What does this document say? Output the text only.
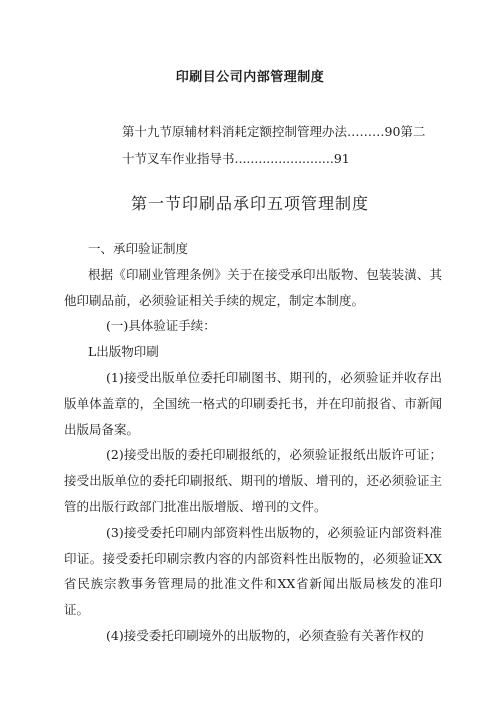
印刷目公司内部管理制度
第十九节原辅材料消耗定额控制管理办法………90第二
十节叉车作业指导书.........................91
第一节印刷品承印五项管理制度

一、承印验证制度

根据《印刷业管理条例》关于在接受承印出版物、包装装潢、其他印刷品前，必须验证相关手续的规定，制定本制度。

(一)具体验证手续：

L出版物印刷

(1)接受出版单位委托印刷图书、期刊的，必须验证并收存出版单体盖章的，全国统一格式的印刷委托书，并在印前报省、市新闻出版局备案。

(2)接受出版的委托印刷报纸的，必须验证报纸出版许可证；接受出版单位的委托印刷报纸、期刊的增版、增刊的，还必须验证主管的出版行政部门批准出版增版、增刊的文件。

(3)接受委托印刷内部资料性出版物的，必须验证内部资料准印证。接受委托印刷宗教内容的内部资料性出版物的，必须验证XX省民族宗教事务管理局的批准文件和XX省新闻出版局核发的准印证。

(4)接受委托印刷境外的出版物的，必须查验有关著作权的
